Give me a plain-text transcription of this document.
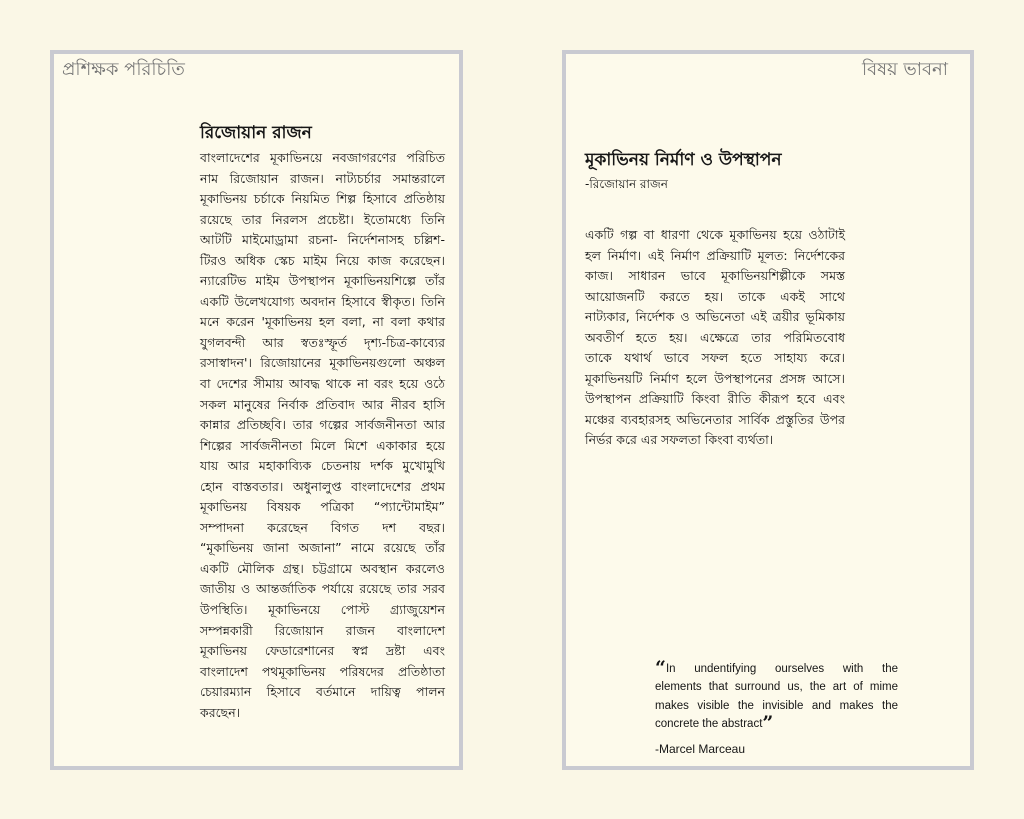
প্রশিক্ষক পরিচিতি
রিজোয়ান রাজন
বাংলাদেশের মূকাভিনয়ে নবজাগরণের পরিচিত
নাম রিজোয়ান রাজন। নাট্যচর্চার সমান্তরালে
মূকাভিনয় চর্চাকে নিয়মিত শিল্প হিসাবে প্রতিষ্ঠায়
রয়েছে তার নিরলস প্রচেষ্টা। ইতোমধ্যে তিনি
আটটি মাইমোড্রামা রচনা- নির্দেশনাসহ চল্লিশ-
টিরও অধিক স্কেচ মাইম নিয়ে কাজ করেছেন।
ন্যারেটিভ মাইম উপস্থাপন মূকাভিনয়শিল্পে তাঁর
একটি উলেখযোগ্য অবদান হিসাবে স্বীকৃত। তিনি
মনে করেন 'মূকাভিনয় হল বলা, না বলা কথার
যুগলবন্দী আর স্বতঃস্ফূর্ত দৃশ্য-চিত্র-কাব্যের
রসাস্বাদন'। রিজোয়ানের মূকাভিনয়গুলো অঞ্চল
বা দেশের সীমায় আবদ্ধ থাকে না বরং হয়ে ওঠে
সকল মানুষের নির্বাক প্রতিবাদ আর নীরব হাসি
কান্নার প্রতিচ্ছবি। তার গল্পের সার্বজনীনতা আর
শিল্পের সার্বজনীনতা মিলে মিশে একাকার হয়ে
যায় আর মহাকাব্যিক চেতনায় দর্শক মুখোমুখি
হোন বাস্তবতার। অধুনালুপ্ত বাংলাদেশের প্রথম
মূকাভিনয় বিষয়ক পত্রিকা “প্যান্টোমাইম”
সম্পাদনা করেছেন বিগত দশ বছর।
“মূকাভিনয় জানা অজানা” নামে রয়েছে তাঁর
একটি মৌলিক গ্রন্থ। চট্টগ্রামে অবস্থান করলেও
জাতীয় ও আন্তর্জাতিক পর্যায়ে রয়েছে তার সরব
উপস্থিতি। মূকাভিনয়ে পোস্ট গ্র্যাজুয়েশন
সম্পন্নকারী রিজোয়ান রাজন বাংলাদেশ
মূকাভিনয় ফেডারেশানের স্বপ্ন দ্রষ্টা এবং
বাংলাদেশ পথমূকাভিনয় পরিষদের প্রতিষ্ঠাতা
চেয়ারম্যান হিসাবে বর্তমানে দায়িত্ব পালন
করছেন।
বিষয় ভাবনা
মূকাভিনয় নির্মাণ ও উপস্থাপন
-রিজোয়ান রাজন
একটি গল্প বা ধারণা থেকে মূকাভিনয় হয়ে ওঠাটাই
হল নির্মাণ। এই নির্মাণ প্রক্রিয়াটি মূলত: নির্দেশকের
কাজ। সাধারন ভাবে মূকাভিনয়শিল্পীকে সমস্ত
আয়োজনটি করতে হয়। তাকে একই সাথে
নাট্যকার, নির্দেশক ও অভিনেতা এই ত্রয়ীর ভূমিকায়
অবতীর্ণ হতে হয়। এক্ষেত্রে তার পরিমিতবোধ
তাকে যথার্থ ভাবে সফল হতে সাহায্য করে।
মূকাভিনয়টি নির্মাণ হলে উপস্থাপনের প্রসঙ্গ আসে।
উপস্থাপন প্রক্রিয়াটি কিংবা রীতি কীরূপ হবে এবং
মঞ্চের ব্যবহারসহ অভিনেতার সার্বিক প্রস্তুতির উপর
নির্ভর করে এর সফলতা কিংবা ব্যর্থতা।
“In undentifying ourselves with the
elements that surround us, the art of mime
makes visible the invisible and makes the
concrete the abstract”
-Marcel Marceau
